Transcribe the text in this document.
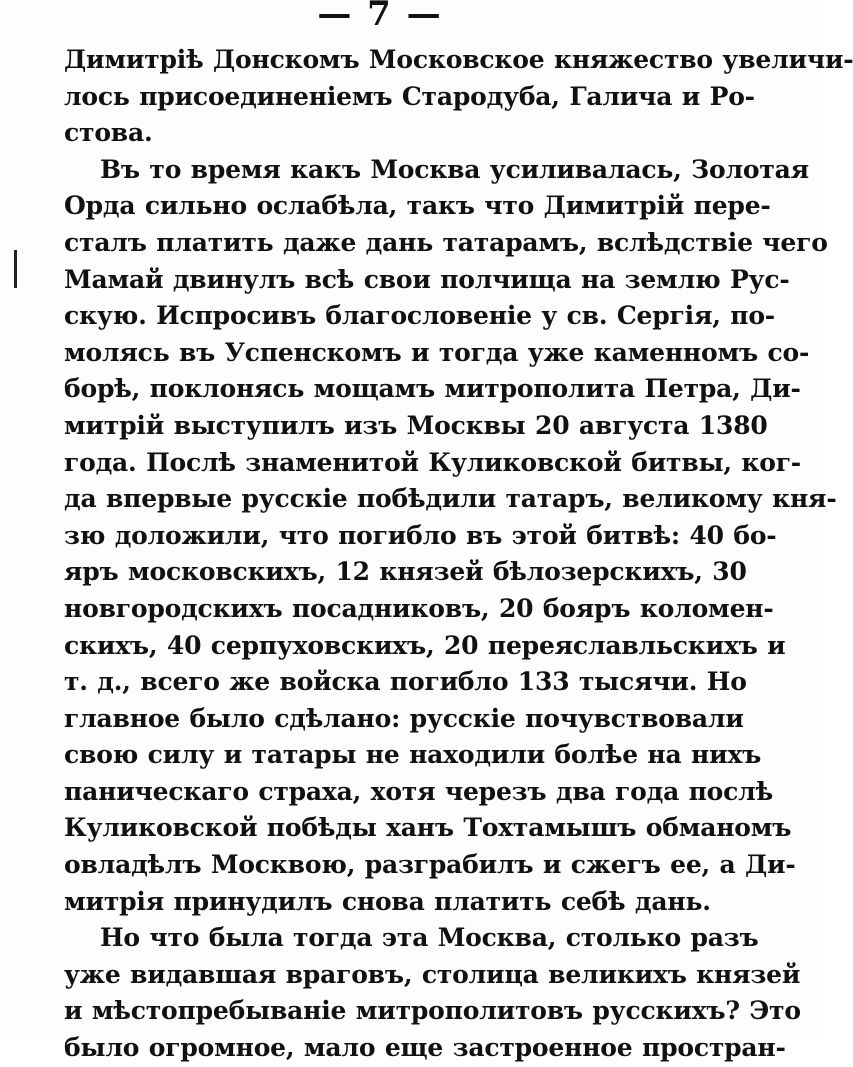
— 7 —
Димитріѣ Донскомъ Московское княжество увеличи-
лось присоединеніемъ Стародуба, Галича и Ро-
стова.
Въ то время какъ Москва усиливалась, Золотая
Орда сильно ослабѣла, такъ что Димитрій пере-
сталъ платить даже дань татарамъ, вслѣдствіе чего
Мамай двинулъ всѣ свои полчища на землю Рус-
скую. Испросивъ благословеніе у св. Сергія, по-
молясь въ Успенскомъ и тогда уже каменномъ со-
борѣ, поклонясь мощамъ митрополита Петра, Ди-
митрій выступилъ изъ Москвы 20 августа 1380
года. Послѣ знаменитой Куликовской битвы, ког-
да впервые русскіе побѣдили татаръ, великому кня-
зю доложили, что погибло въ этой битвѣ: 40 бо-
яръ московскихъ, 12 князей бѣлозерскихъ, 30
новгородскихъ посадниковъ, 20 бояръ коломен-
скихъ, 40 серпуховскихъ, 20 переяславльскихъ и
т. д., всего же войска погибло 133 тысячи. Но
главное было сдѣлано: русскіе почувствовали
свою силу и татары не находили болѣе на нихъ
паническаго страха, хотя черезъ два года послѣ
Куликовской побѣды ханъ Тохтамышъ обманомъ
овладѣлъ Москвою, разграбилъ и сжегъ ее, а Ди-
митрія принудилъ снова платить себѣ дань.
Но что была тогда эта Москва, столько разъ
уже видавшая враговъ, столица великихъ князей
и мѣстопребываніе митрополитовъ русскихъ? Это
было огромное, мало еще застроенное простран-
